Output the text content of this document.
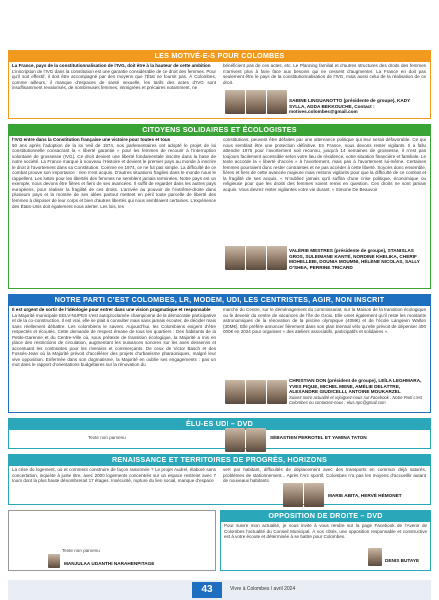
LES MOTIVÉ-E-S POUR COLOMBES
La France, pays de la constitutionnalisation de l’IVG, doit être à la hauteur de cette ambition
L’inscription de l’IVG dans la constitution est une garantie considérable de ce droit des femmes. Pour qu’il soit effectif, il doit être accompagné par des moyens que l’État ne fournit pas. À Colombes, comme ailleurs, il manque d’espaces de santé sexuelle, les tarifs des actes d’IVG sont insuffisamment revalorisés, de nombreuses femmes, immigrées et précaires notamment, ne
bénéficient pas de ces actes, etc. Le Planning familial et d’autres structures des droits des femmes n’arrivent plus à faire face aux besoins qui ne cessent d’augmenter. La France en doit pas seulement être le pays de la constitutionnalisation de l’IVG, mais aussi celui de la réalisation de ce droit.
SABINE LINGUANOTTO (présidente de groupe), KADY SYLLA, ADDA BEKKOUCHE, Contact : motives.colombes@gmail.com
CITOYENS SOLIDAIRES ET ÉCOLOGISTES
l’IVG entre dans la Constitution française une victoire pour toutes et tous
50 ans après l’adoption de la loi Veil de 1974, nos parlementaires ont adopté le projet de loi constitutionnelle consacrant la « liberté garantie » pour les femmes de recourir à l’interruption volontaire de grossesse (IVG). Ce droit devient une liberté fondamentale inscrite dans la base de notre société. La France marque à nouveau l’Histoire et devient le premier pays au monde à inscrire le droit à l’avortement dans sa Constitution. Comme en 1974, ce ne fut pas simple. La difficulté de ce combat prouve son importance : rien n’est acquis. D’autres situations fragiles dans le monde nous le rappellent. Les luttes pour les libertés des femmes ne semblent jamais terminées. Notre pays est un exemple, nous devons être fières et fiers de ses avancées. Il suffit de regarder dans les autres pays européens, pour réaliser la fragilité de ces droits. L’arrivée au pouvoir de l’extrême-droite dans plusieurs pays et la montée de ses idées partout mettent en péril toute parcelle de liberté des femmes à disposer de leur corps et bien d’autres libertés qui nous semblaient certaines. L’expérience des États-Unis doit également nous alerter. Les lois, les
constitutions, peuvent être défaites par une alternance politique qui leur serait défavorable. Ce qui nous semblait être une protection définitive. En France, nous devons rester vigilants. Il a fallu attendre 1975 pour l’avortement soit reconnu, jusqu’à 14 semaines de grossesse, il n’est pas toujours facilement accessible selon votre lieu de résidence, votre situation financière et familiale. Le texte accorde la « liberté d’accès » à l’avortement, mais pas à l’avortement lui-même. Certaines femmes pourraient donc rester contraintes et ne pas accéder à cette liberté. Soyons donc ensemble, fières et fiers de cette avancée majeure mais restons vigilants pour que la difficulté de ce combat et la fragilité de ses acquis. « N’oubliez jamais qu’il suffira d’une crise politique, économique ou religieuse pour que les droits des femmes soient remis en question. Ces droits ne sont jamais acquis. Vous devrez rester vigilantes votre vie durant. » Simone De Beauvoir
VALÉRIE MESTRES (présidente de groupe), STANISLAS GROS, SULEIMANE KANTÉ, NORDINE KHELIKA, CHERIF MOHELLEBI, DOUNIA MOUMNI, HÉLÈNE NICOLAS, SALLY O’SHEA, PERRINE TRICARD
NOTRE PARTI C’EST COLOMBES, LR, MODEM, UDI, LES CENTRISTES, AGIR, NON INSCRIT
Il est urgent de sortir de l’idéologie pour entrer dans une vision pragmatique et responsable
La Majorité municipale EELV-NUPES s’est autoproclamée championne de la démocratie participative et de la co-construction. Il est vrai, elle se plait à consulter mais sans jamais écouter, de décider mais sans réellement débattre. Les colombiens le savent. Aujourd’hui, les Colombiens exigent d’être respectés et écoutés. Cette demande de respect émane de tous les quartiers : Des habitants de la Petite-Garenne et du Centre-Ville où, sous prétexte de transition écologique, la Majorité a mis en place des restrictions de circulation, augmentant les nuisances sonores sur les axes desservis et accentuant les contraintes pour les riverains et commerçants. De ceux de Victor Basch et des Fossés-Jean où la Majorité prévoit d’accélérer des projets d’urbanisme pharaoniques, malgré leur vive opposition. Enfermée dans son dogmatisme, la Majorité en oublie ses engagements : pas un mot dans le rapport d’orientations budgétaires sur la rénovation du
marché du Centre, sur le déménagement du commissariat, sur la Maison de la transition écologique ou le devenir du centre de vacances de l’île de Groix. Elle omet également qu’il reste les montants astronomiques de la rénovation de la piscine olympique (40M€) et de l’école Langevin Wallon (30M€). Elle préfère annoncer fièrement dans son plan triennal vélo qu’elle prévoit de dépenser 400 000€ en 2024 pour organiser « des ateliers associatifs, participatifs et solidaires ».
CHRISTIAN DON (président de groupe), LEÏLA LEGHMARA, YVES PIQUE, MICHEL MENE, AMÉLIE DELATTRE, ALEXANDRE GIUDICELLI, ANTOINE MOUKARZEL
Suivez notre actualité et rejoignez-nous sur Facebook : Notre Parti c’est Colombes ou contactez-nous : elus.npc@gmail.com
ÉLU-ES UDI – DVD
Texte non parvenu	SÉBASTIEN PERROTEL ET YAMINA TATON
RENAISSANCE ET TERRITOIRES DE PROGRÈS, HORIZONS
La crise du logement, où et comment construire de façon raisonnée ? Le projet Audrel, élaboré sans concertation, inquiète à juste titre, avec 2000 logements concentrés sur un espace restreint avec 7 tours dont la plus haute dénombrerait 17 étages. Insécurité, rupture du lien social, manque d’espace
vert par habitant, difficultés de déplacement avec des transports en commun déjà saturés, problèmes de stationnement... Après l’Arc sportif, Colombes n’a pas les moyens d’accueillir autant de nouveaux habitants.
MARIE ABITA, HERVÉ HÉMONET
OPPOSITION DE DROITE – DVD
Pour suivre mon actualité, je vous invite à vous rendre sur la page Facebook de l’Avenir de Colombes l’actualité du Conseil Municipal. À vos côtés, une opposition responsable et constructive est à votre écoute et déterminée à se battre pour Colombes.
DENIS BUTAYE
Texte non parvenu
MANJULAA UDANTHI NARAHENPITAGE
43	Vivre à Colombes / avril 2024
